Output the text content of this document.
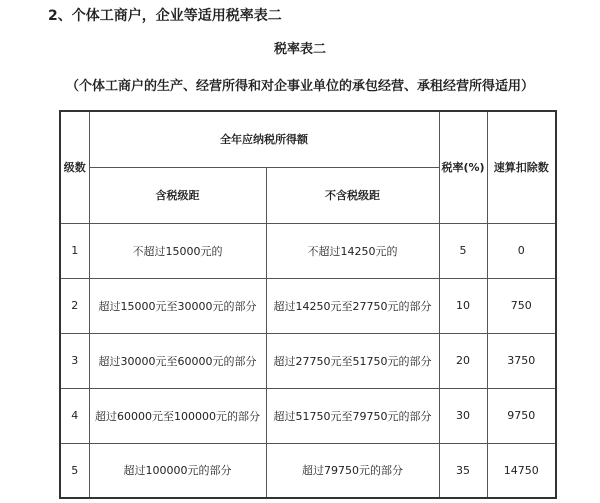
2、个体工商户，企业等适用税率表二
税率表二
（个体工商户的生产、经营所得和对企事业单位的承包经营、承租经营所得适用）
级数	全年应纳税所得额		税率(%)	速算扣除数
	含税级距	不含税级距		
1	不超过15000元的	不超过14250元的	5	0
2	超过15000元至30000元的部分	超过14250元至27750元的部分	10	750
3	超过30000元至60000元的部分	超过27750元至51750元的部分	20	3750
4	超过60000元至100000元的部分	超过51750元至79750元的部分	30	9750
5	超过100000元的部分	超过79750元的部分	35	14750
